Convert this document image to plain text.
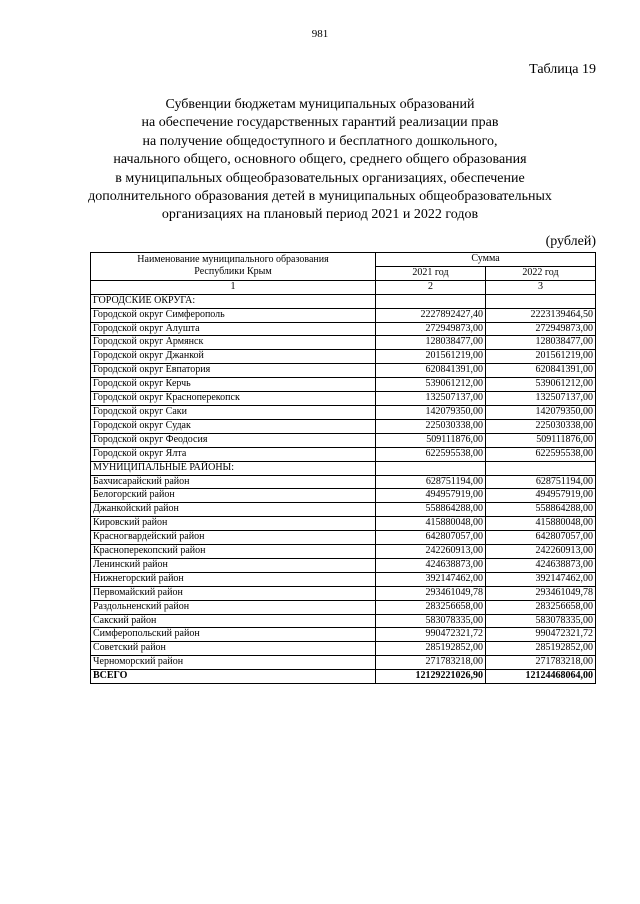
981
Таблица 19
Субвенции бюджетам муниципальных образований
на обеспечение государственных гарантий реализации прав
на получение общедоступного и бесплатного дошкольного,
начального общего, основного общего, среднего общего образования
в муниципальных общеобразовательных организациях, обеспечение
дополнительного образования детей в муниципальных общеобразовательных
организациях на плановый период 2021 и 2022 годов
(рублей)
Наименование муниципального образования
Республики Крым	Сумма	
	2021 год	2022 год
1	2	3
ГОРОДСКИЕ ОКРУГА:		
Городской округ Симферополь	2227892427,40	2223139464,50
Городской округ Алушта	272949873,00	272949873,00
Городской округ Армянск	128038477,00	128038477,00
Городской округ Джанкой	201561219,00	201561219,00
Городской округ Евпатория	620841391,00	620841391,00
Городской округ Керчь	539061212,00	539061212,00
Городской округ Красноперекопск	132507137,00	132507137,00
Городской округ Саки	142079350,00	142079350,00
Городской округ Судак	225030338,00	225030338,00
Городской округ Феодосия	509111876,00	509111876,00
Городской округ Ялта	622595538,00	622595538,00
МУНИЦИПАЛЬНЫЕ РАЙОНЫ:		
Бахчисарайский район	628751194,00	628751194,00
Белогорский район	494957919,00	494957919,00
Джанкойский район	558864288,00	558864288,00
Кировский район	415880048,00	415880048,00
Красногвардейский район	642807057,00	642807057,00
Красноперекопский район	242260913,00	242260913,00
Ленинский район	424638873,00	424638873,00
Нижнегорский район	392147462,00	392147462,00
Первомайский район	293461049,78	293461049,78
Раздольненский район	283256658,00	283256658,00
Сакский район	583078335,00	583078335,00
Симферопольский район	990472321,72	990472321,72
Советский район	285192852,00	285192852,00
Черноморский район	271783218,00	271783218,00
ВСЕГО	12129221026,90	12124468064,00
